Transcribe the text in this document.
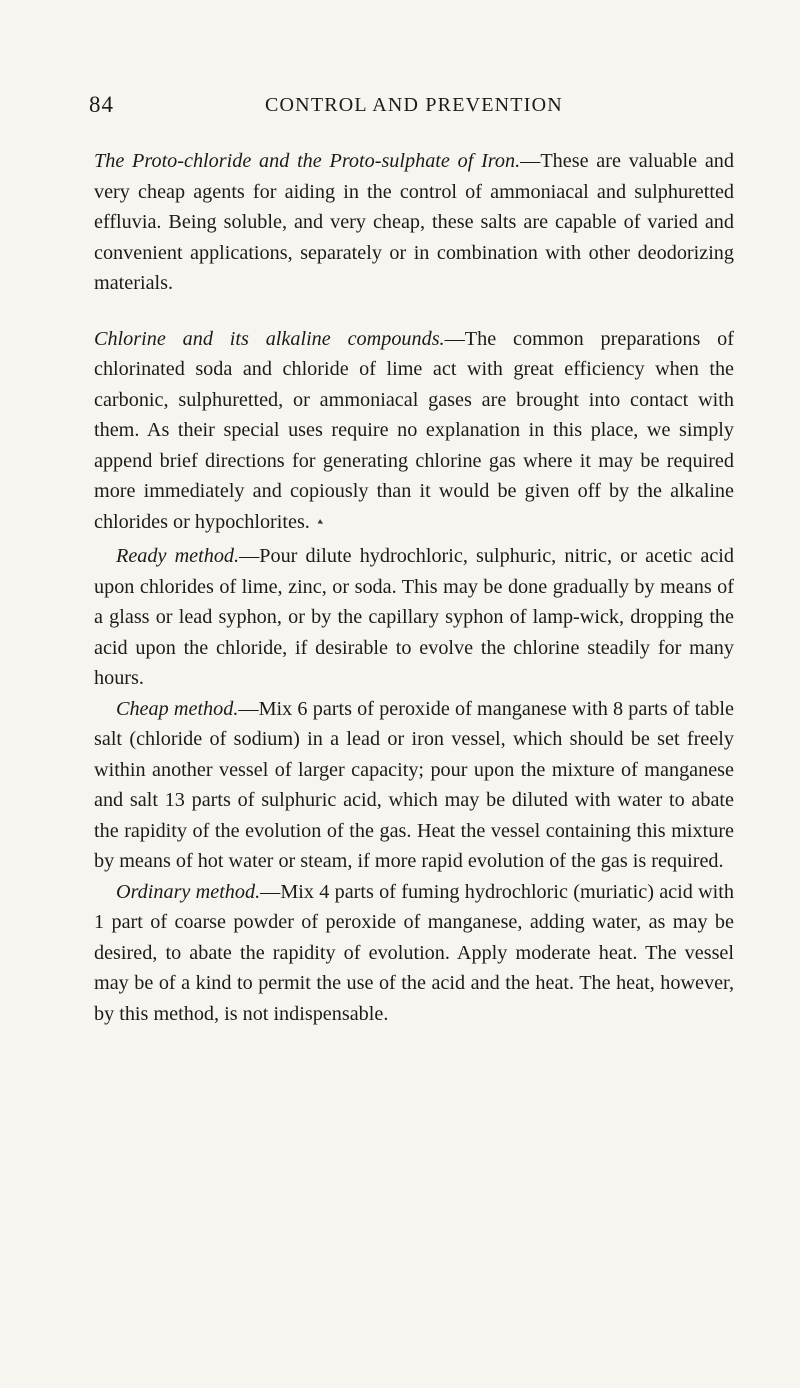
84	CONTROL AND PREVENTION

The Proto-chloride and the Proto-sulphate of Iron.—These are valuable and very cheap agents for aiding in the control of ammoniacal and sulphuretted effluvia. Being soluble, and very cheap, these salts are capable of varied and convenient applications, separately or in combination with other deodorizing materials.

Chlorine and its alkaline compounds.—The common preparations of chlorinated soda and chloride of lime act with great efficiency when the carbonic, sulphuretted, or ammoniacal gases are brought into contact with them. As their special uses require no explanation in this place, we simply append brief directions for generating chlorine gas where it may be required more immediately and copiously than it would be given off by the alkaline chlorides or hypochlorites. ▸

Ready method.—Pour dilute hydrochloric, sulphuric, nitric, or acetic acid upon chlorides of lime, zinc, or soda. This may be done gradually by means of a glass or lead syphon, or by the capillary syphon of lamp-wick, dropping the acid upon the chloride, if desirable to evolve the chlorine steadily for many hours.

Cheap method.—Mix 6 parts of peroxide of manganese with 8 parts of table salt (chloride of sodium) in a lead or iron vessel, which should be set freely within another vessel of larger capacity; pour upon the mixture of manganese and salt 13 parts of sulphuric acid, which may be diluted with water to abate the rapidity of the evolution of the gas. Heat the vessel containing this mixture by means of hot water or steam, if more rapid evolution of the gas is required.

Ordinary method.—Mix 4 parts of fuming hydrochloric (muriatic) acid with 1 part of coarse powder of peroxide of manganese, adding water, as may be desired, to abate the rapidity of evolution. Apply moderate heat. The vessel may be of a kind to permit the use of the acid and the heat. The heat, however, by this method, is not indispensable.
